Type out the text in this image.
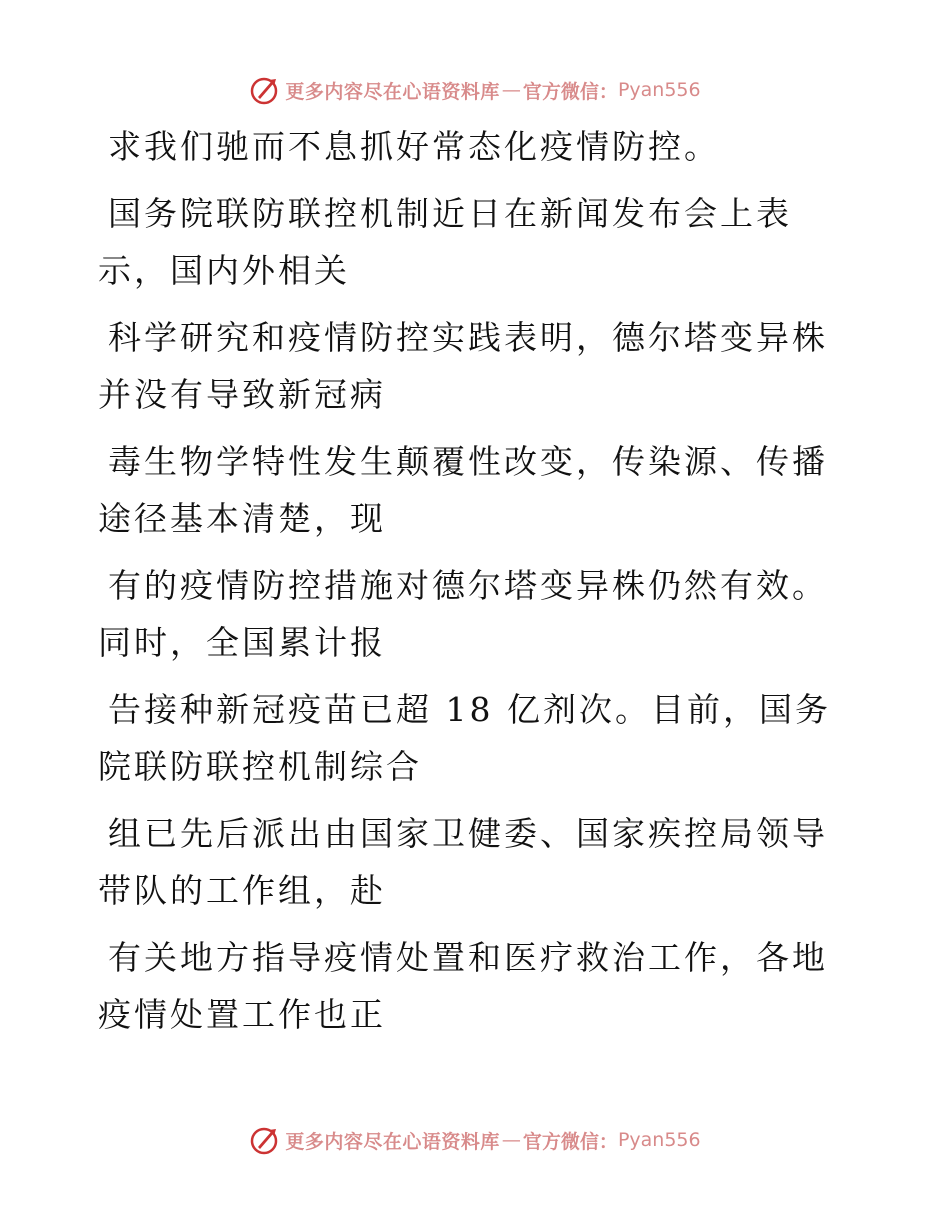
更多内容尽在心语资料库 — 官方微信： Pyan556

求我们驰而不息抓好常态化疫情防控。

国务院联防联控机制近日在新闻发布会上表示，国内外相关

科学研究和疫情防控实践表明，德尔塔变异株并没有导致新冠病

毒生物学特性发生颠覆性改变，传染源、传播途径基本清楚，现

有的疫情防控措施对德尔塔变异株仍然有效。同时，全国累计报

告接种新冠疫苗已超 18 亿剂次。目前，国务院联防联控机制综合

组已先后派出由国家卫健委、国家疾控局领导带队的工作组，赴

有关地方指导疫情处置和医疗救治工作，各地疫情处置工作也正

更多内容尽在心语资料库 — 官方微信： Pyan556
